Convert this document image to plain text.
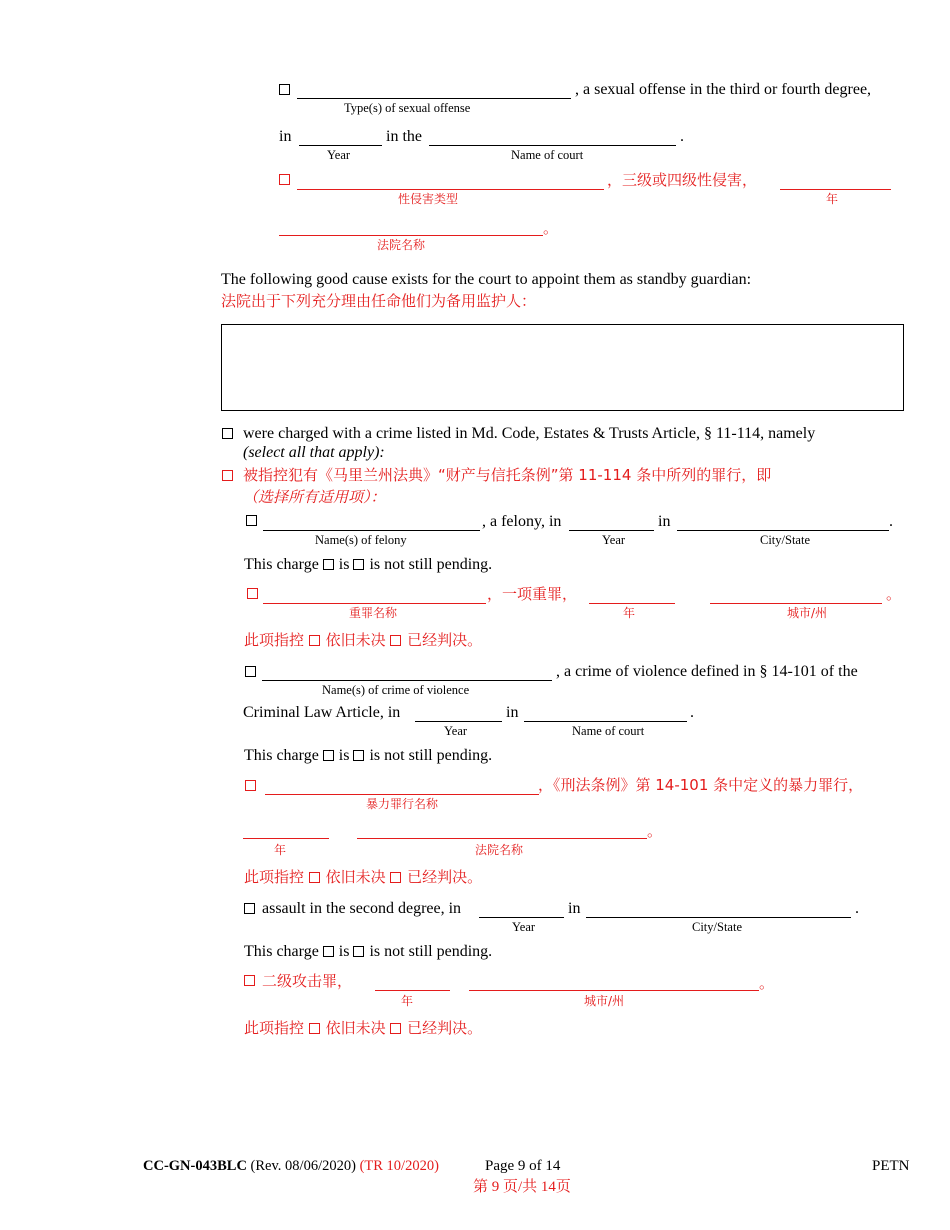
, a sexual offense in the third or fourth degree,
Type(s) of sexual offense
in	in the	.
Year	Name of court
，三级或四级性侵害，
性侵害类型	年
。
法院名称
The following good cause exists for the court to appoint them as standby guardian:
法院出于下列充分理由任命他们为备用监护人：
were charged with a crime listed in Md. Code, Estates & Trusts Article, § 11-114, namely
(select all that apply):
被指控犯有《马里兰州法典》“财产与信托条例”第 11-114 条中所列的罪行，即
（选择所有适用项）：
, a felony, in	in	.
Name(s) of felony	Year	City/State
This charge is is not still pending.
，一项重罪，	。
重罪名称	年	城市/州
此项指控 依旧未决 已经判决。
, a crime of violence defined in § 14-101 of the
Name(s) of crime of violence
Criminal Law Article, in	in	.
Year	Name of court
This charge is is not still pending.
，《刑法条例》第 14-101 条中定义的暴力罪行，
暴力罪行名称
。
年	法院名称
此项指控 依旧未决 已经判决。
assault in the second degree, in	in	.
Year	City/State
This charge is is not still pending.
二级攻击罪，	。
年	城市/州
此项指控 依旧未决 已经判决。
CC-GN-043BLC (Rev. 08/06/2020) (TR 10/2020)	Page 9 of 14	PETN
第 9 页/共 14页
